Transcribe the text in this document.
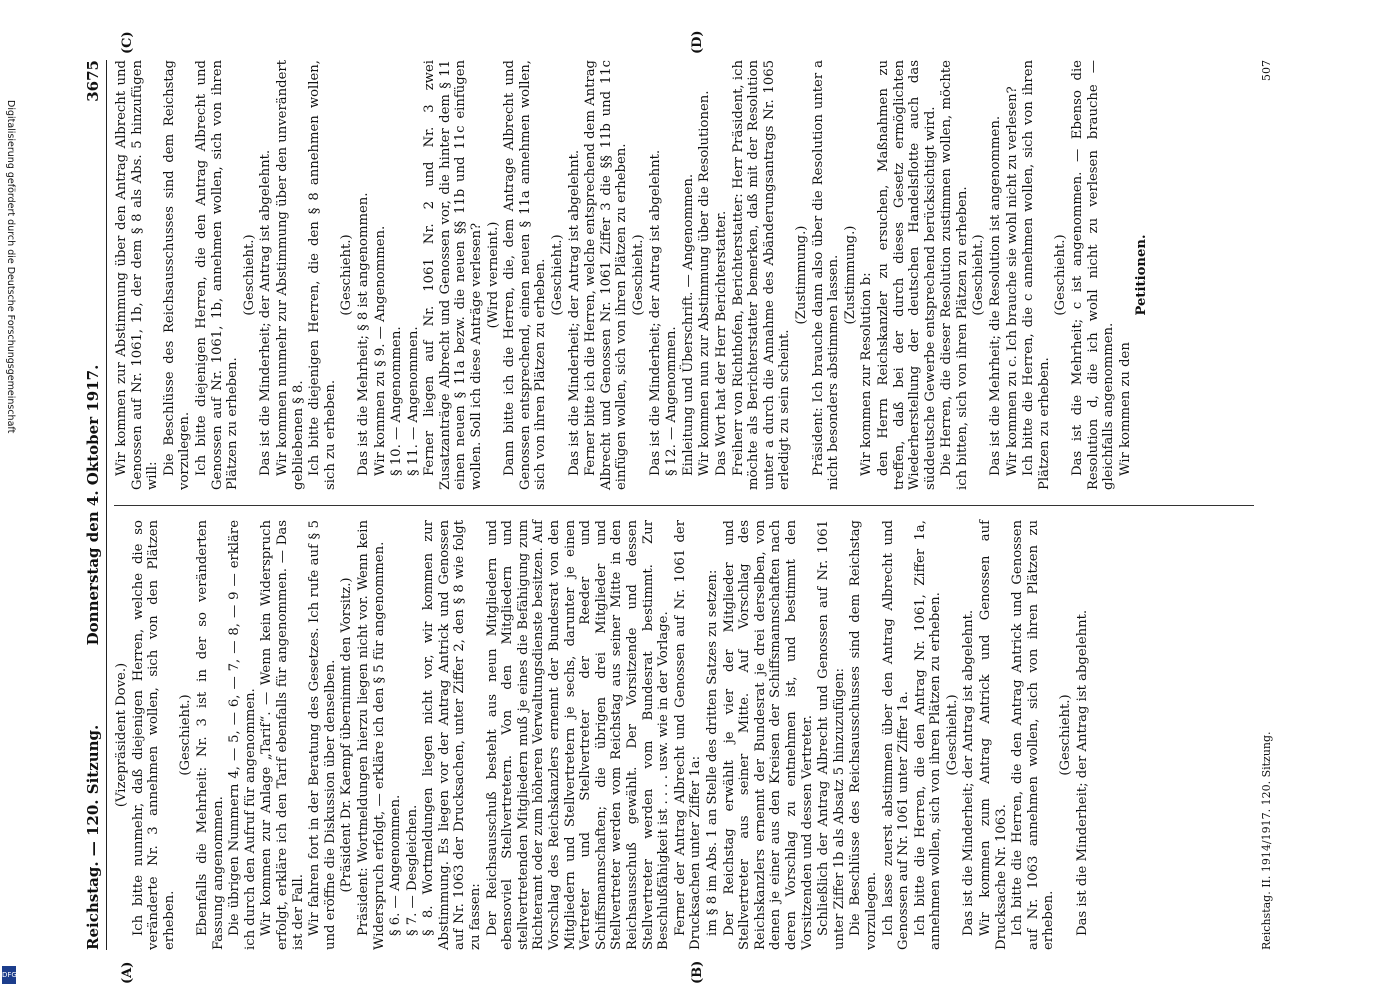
Digitalisierung gefördert durch die Deutsche Forschungsgemeinschaft
DFG
Reichstag. — 120. Sitzung.
Donnerstag den 4. Oktober 1917.
3675
(A)	(B)
(C)	(D)

(Vizepräsident Dove.) Ich bitte nunmehr, daß diejenigen Herren, welche die so veränderte Nr. 3 annehmen wollen, sich von den Plätzen erheben.

(Geschieht.) Ebenfalls die Mehrheit: Nr. 3 ist in der so veränderten Fassung angenommen. Die übrigen Nummern 4, — 5, — 6, — 7, — 8, — 9 — erkläre ich durch den Aufruf für angenommen. Wir kommen zur Anlage „Tarif“. — Wenn kein Widerspruch erfolgt, erkläre ich den Tarif ebenfalls für angenommen. — Das ist der Fall. Wir fahren fort in der Beratung des Gesetzes. Ich rufe auf § 5 und eröffne die Diskussion über denselben. (Präsident Dr. Kaempf übernimmt den Vorsitz.) Präsident: Wortmeldungen hierzu liegen nicht vor. Wenn kein Widerspruch erfolgt, — erkläre ich den § 5 für angenommen. § 6. — Angenommen. § 7. — Desgleichen. § 8. Wortmeldungen liegen nicht vor, wir kommen zur Abstimmung. Es liegen vor der Antrag Antrick und Genossen auf Nr. 1063 der Drucksachen, unter Ziffer 2, den § 8 wie folgt zu fassen: Der Reichsausschuß besteht aus neun Mitgliedern und ebensoviel Stellvertretern. Von den Mitgliedern und stellvertretenden Mitgliedern muß je eines die Befähigung zum Richteramt oder zum höheren Verwaltungsdienste besitzen. Auf Vorschlag des Reichskanzlers ernennt der Bundesrat von den Mitgliedern und Stellvertretern je sechs, darunter je einen Vertreter und Stellvertreter der Reeder und Schiffsmannschaften; die übrigen drei Mitglieder und Stellvertreter werden vom Reichstag aus seiner Mitte in den Reichsausschuß gewählt. Der Vorsitzende und dessen Stellvertreter werden vom Bundesrat bestimmt. Zur Beschlußfähigkeit ist . . . . usw. wie in der Vorlage. Ferner der Antrag Albrecht und Genossen auf Nr. 1061 der Drucksachen unter Ziffer 1a: im § 8 im Abs. 1 an Stelle des dritten Satzes zu setzen: Der Reichstag erwählt je vier der Mitglieder und Stellvertreter aus seiner Mitte. Auf Vorschlag des Reichskanzlers ernennt der Bundesrat je drei derselben, von denen je einer aus den Kreisen der Schiffsmannschaften nach deren Vorschlag zu entnehmen ist, und bestimmt den Vorsitzenden und dessen Vertreter. Schließlich der Antrag Albrecht und Genossen auf Nr. 1061 unter Ziffer 1b als Absatz 5 hinzuzufügen: Die Beschlüsse des Reichsausschusses sind dem Reichstag vorzulegen. Ich lasse zuerst abstimmen über den Antrag Albrecht und Genossen auf Nr. 1061 unter Ziffer 1a. Ich bitte die Herren, die den Antrag Nr. 1061, Ziffer 1a, annehmen wollen, sich von ihren Plätzen zu erheben. (Geschieht.) Das ist die Minderheit; der Antrag ist abgelehnt. Wir kommen zum Antrag Antrick und Genossen auf Drucksache Nr. 1063. Ich bitte die Herren, die den Antrag Antrick und Genossen auf Nr. 1063 annehmen wollen, sich von ihren Plätzen zu erheben.

(Geschieht.) Das ist die Minderheit; der Antrag ist abgelehnt.

Wir kommen zur Abstimmung über den Antrag Albrecht und Genossen auf Nr. 1061, 1b, der dem § 8 als Abs. 5 hinzufügen will: Die Beschlüsse des Reichsausschusses sind dem Reichstag vorzulegen. Ich bitte diejenigen Herren, die den Antrag Albrecht und Genossen auf Nr. 1061, 1b, annehmen wollen, sich von ihren Plätzen zu erheben.

(Geschieht.) Das ist die Minderheit; der Antrag ist abgelehnt. Wir kommen nunmehr zur Abstimmung über den unverändert gebliebenen § 8. Ich bitte diejenigen Herren, die den § 8 annehmen wollen, sich zu erheben.

(Geschieht.) Das ist die Mehrheit; § 8 ist angenommen. Wir kommen zu § 9. — Angenommen. § 10. — Angenommen. § 11. — Angenommen. Ferner liegen auf Nr. 1061 Nr. 2 und Nr. 3 zwei Zusatzanträge Albrecht und Genossen vor, die hinter dem § 11 einen neuen § 11a bezw. die neuen §§ 11b und 11c einfügen wollen. Soll ich diese Anträge verlesen? (Wird verneint.) Dann bitte ich die Herren, die, dem Antrage Albrecht und Genossen entsprechend, einen neuen § 11a annehmen wollen, sich von ihren Plätzen zu erheben. (Geschieht.) Das ist die Minderheit; der Antrag ist abgelehnt. Ferner bitte ich die Herren, welche entsprechend dem Antrag Albrecht und Genossen Nr. 1061 Ziffer 3 die §§ 11b und 11c einfügen wollen, sich von ihren Plätzen zu erheben. (Geschieht.) Das ist die Minderheit; der Antrag ist abgelehnt. § 12. — Angenommen. Einleitung und Überschrift. — Angenommen. Wir kommen nun zur Abstimmung über die Resolutionen. Das Wort hat der Herr Berichterstatter. Freiherr von Richthofen, Berichterstatter: Herr Präsident, ich möchte als Berichterstatter bemerken, daß mit der Resolution unter a durch die Annahme des Abänderungsantrags Nr. 1065 erledigt zu sein scheint.

(Zustimmung.) Präsident: Ich brauche dann also über die Resolution unter a nicht besonders abstimmen lassen. (Zustimmung.) Wir kommen zur Resolution b: den Herrn Reichskanzler zu ersuchen, Maßnahmen zu treffen, daß bei der durch dieses Gesetz ermöglichten Wiederherstellung der deutschen Handelsflotte auch das süddeutsche Gewerbe entsprechend berücksichtigt wird. Die Herren, die dieser Resolution zustimmen wollen, möchte ich bitten, sich von ihren Plätzen zu erheben. (Geschieht.) Das ist die Mehrheit; die Resolution ist angenommen. Wir kommen zu c. Ich brauche sie wohl nicht zu verlesen? Ich bitte die Herren, die c annehmen wollen, sich von ihren Plätzen zu erheben.

(Geschieht.) Das ist die Mehrheit; c ist angenommen. — Ebenso die Resolution d, die ich wohl nicht zu verlesen brauche — gleichfalls angenommen. Wir kommen zu den

Petitionen.

Reichstag. II. 1914/1917. 120. Sitzung.
507
